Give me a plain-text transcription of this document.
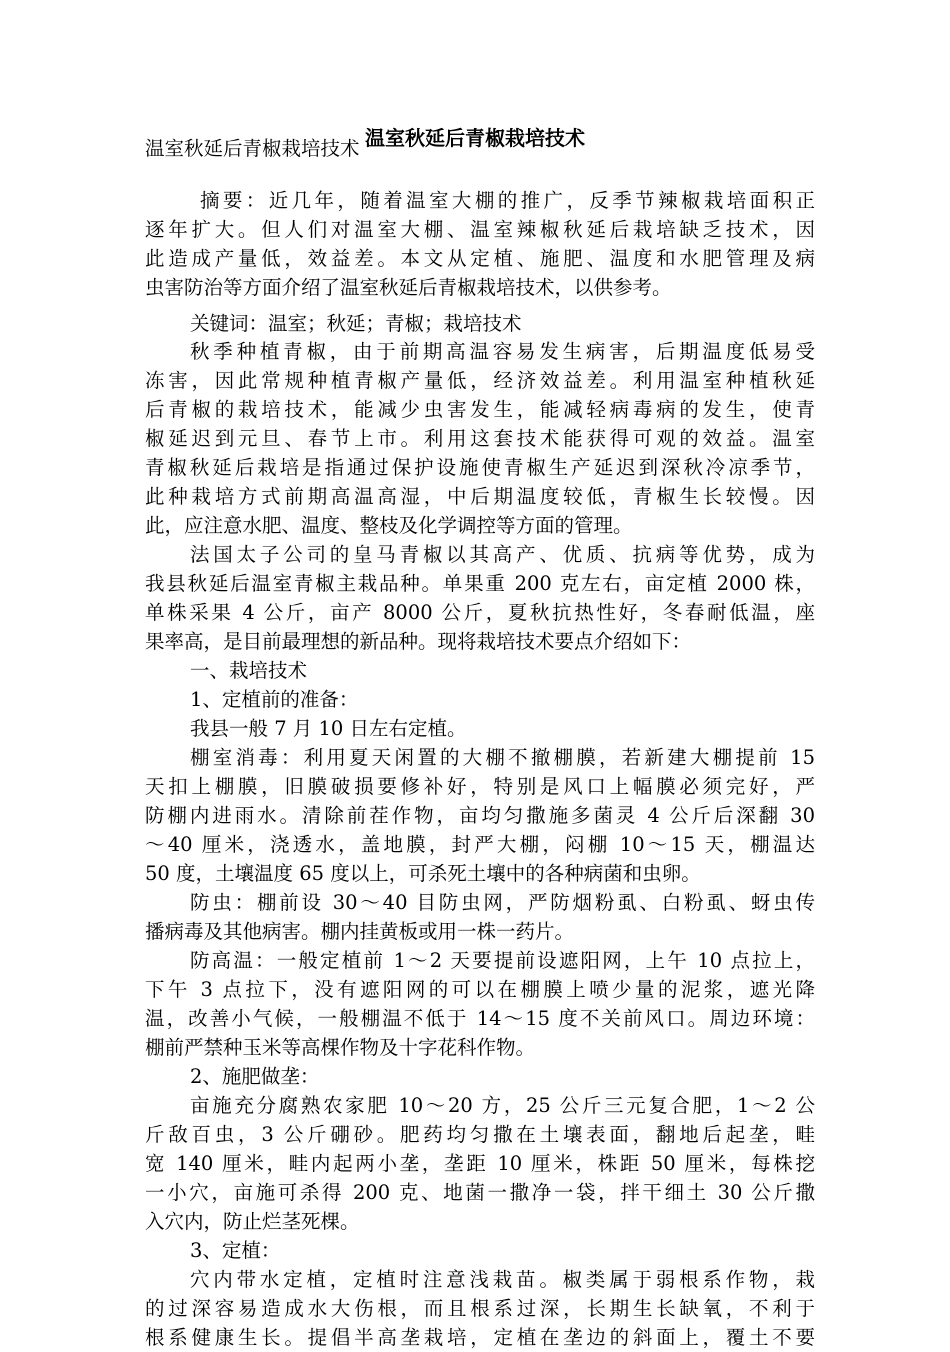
温室秋延后青椒栽培技术
温室秋延后青椒栽培技术
摘要：近几年，随着温室大棚的推广，反季节辣椒栽培面积正
逐年扩大。但人们对温室大棚、温室辣椒秋延后栽培缺乏技术，因
此造成产量低，效益差。本文从定植、施肥、温度和水肥管理及病
虫害防治等方面介绍了温室秋延后青椒栽培技术，以供参考。
关键词：温室；秋延；青椒；栽培技术
秋季种植青椒，由于前期高温容易发生病害，后期温度低易受
冻害，因此常规种植青椒产量低，经济效益差。利用温室种植秋延
后青椒的栽培技术，能减少虫害发生，能减轻病毒病的发生，使青
椒延迟到元旦、春节上市。利用这套技术能获得可观的效益。温室
青椒秋延后栽培是指通过保护设施使青椒生产延迟到深秋冷凉季节，
此种栽培方式前期高温高湿，中后期温度较低，青椒生长较慢。因
此，应注意水肥、温度、整枝及化学调控等方面的管理。
法国太子公司的皇马青椒以其高产、优质、抗病等优势，成为
我县秋延后温室青椒主栽品种。单果重 200 克左右，亩定植 2000 株，
单株采果 4 公斤，亩产 8000 公斤，夏秋抗热性好，冬春耐低温，座
果率高，是目前最理想的新品种。现将栽培技术要点介绍如下：
一、栽培技术
1、定植前的准备：
我县一般 7 月 10 日左右定植。
棚室消毒：利用夏天闲置的大棚不撤棚膜，若新建大棚提前 15
天扣上棚膜，旧膜破损要修补好，特别是风口上幅膜必须完好，严
防棚内进雨水。清除前茬作物，亩均匀撒施多菌灵 4 公斤后深翻 30
～40 厘米，浇透水，盖地膜，封严大棚，闷棚 10～15 天，棚温达
50 度，土壤温度 65 度以上，可杀死土壤中的各种病菌和虫卵。
防虫：棚前设 30～40 目防虫网，严防烟粉虱、白粉虱、蚜虫传
播病毒及其他病害。棚内挂黄板或用一株一药片。
防高温：一般定植前 1～2 天要提前设遮阳网，上午 10 点拉上，
下午 3 点拉下，没有遮阳网的可以在棚膜上喷少量的泥浆，遮光降
温，改善小气候，一般棚温不低于 14～15 度不关前风口。周边环境：
棚前严禁种玉米等高棵作物及十字花科作物。
2、施肥做垄：
亩施充分腐熟农家肥 10～20 方，25 公斤三元复合肥，1～2 公
斤敌百虫，3 公斤硼砂。肥药均匀撒在土壤表面，翻地后起垄，畦
宽 140 厘米，畦内起两小垄，垄距 10 厘米，株距 50 厘米，每株挖
一小穴，亩施可杀得 200 克、地菌一撒净一袋，拌干细土 30 公斤撒
入穴内，防止烂茎死棵。
3、定植：
穴内带水定植，定植时注意浅栽苗。椒类属于弱根系作物，栽
的过深容易造成水大伤根，而且根系过深，长期生长缺氧，不利于
根系健康生长。提倡半高垄栽培，定植在垄边的斜面上，覆土不要
